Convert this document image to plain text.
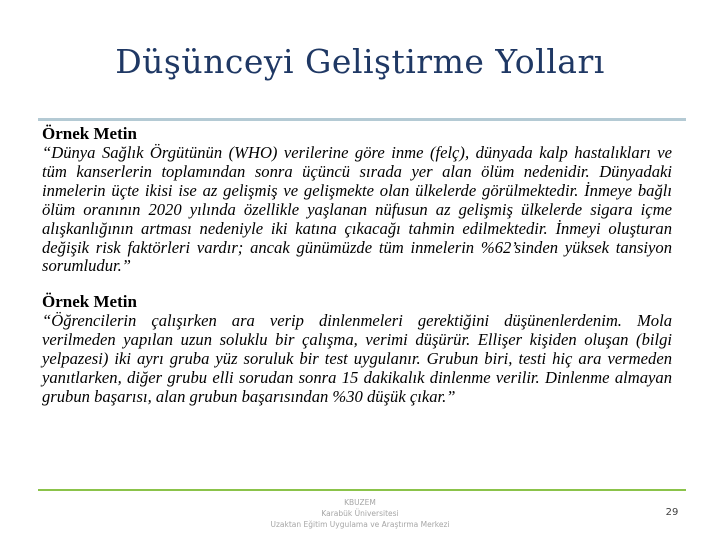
Düşünceyi Geliştirme Yolları
Örnek Metin
“Dünya Sağlık Örgütünün (WHO) verilerine göre inme (felç), dünyada kalp hastalıkları ve tüm kanserlerin toplamından sonra üçüncü sırada yer alan ölüm nedenidir. Dünyadaki inmelerin üçte ikisi ise az gelişmiş ve gelişmekte olan ülkelerde görülmektedir. İnmeye bağlı ölüm oranının 2020 yılında özellikle yaşlanan nüfusun az gelişmiş ülkelerde sigara içme alışkanlığının artması nedeniyle iki katına çıkacağı tahmin edilmektedir. İnmeyi oluşturan değişik risk faktörleri vardır; ancak günümüzde tüm inmelerin %62’sinden yüksek tansiyon sorumludur.”
Örnek Metin
“Öğrencilerin çalışırken ara verip dinlenmeleri gerektiğini düşünenlerdenim. Mola verilmeden yapılan uzun soluklu bir çalışma, verimi düşürür. Ellişer kişiden oluşan (bilgi yelpazesi) iki ayrı gruba yüz soruluk bir test uygulanır. Grubun biri, testi hiç ara vermeden yanıtlarken, diğer grubu elli sorudan sonra 15 dakikalık dinlenme verilir. Dinlenme almayan grubun başarısı, alan grubun başarısından %30 düşük çıkar.”
KBUZEM
Karabük Üniversitesi
Uzaktan Eğitim Uygulama ve Araştırma Merkezi
29
